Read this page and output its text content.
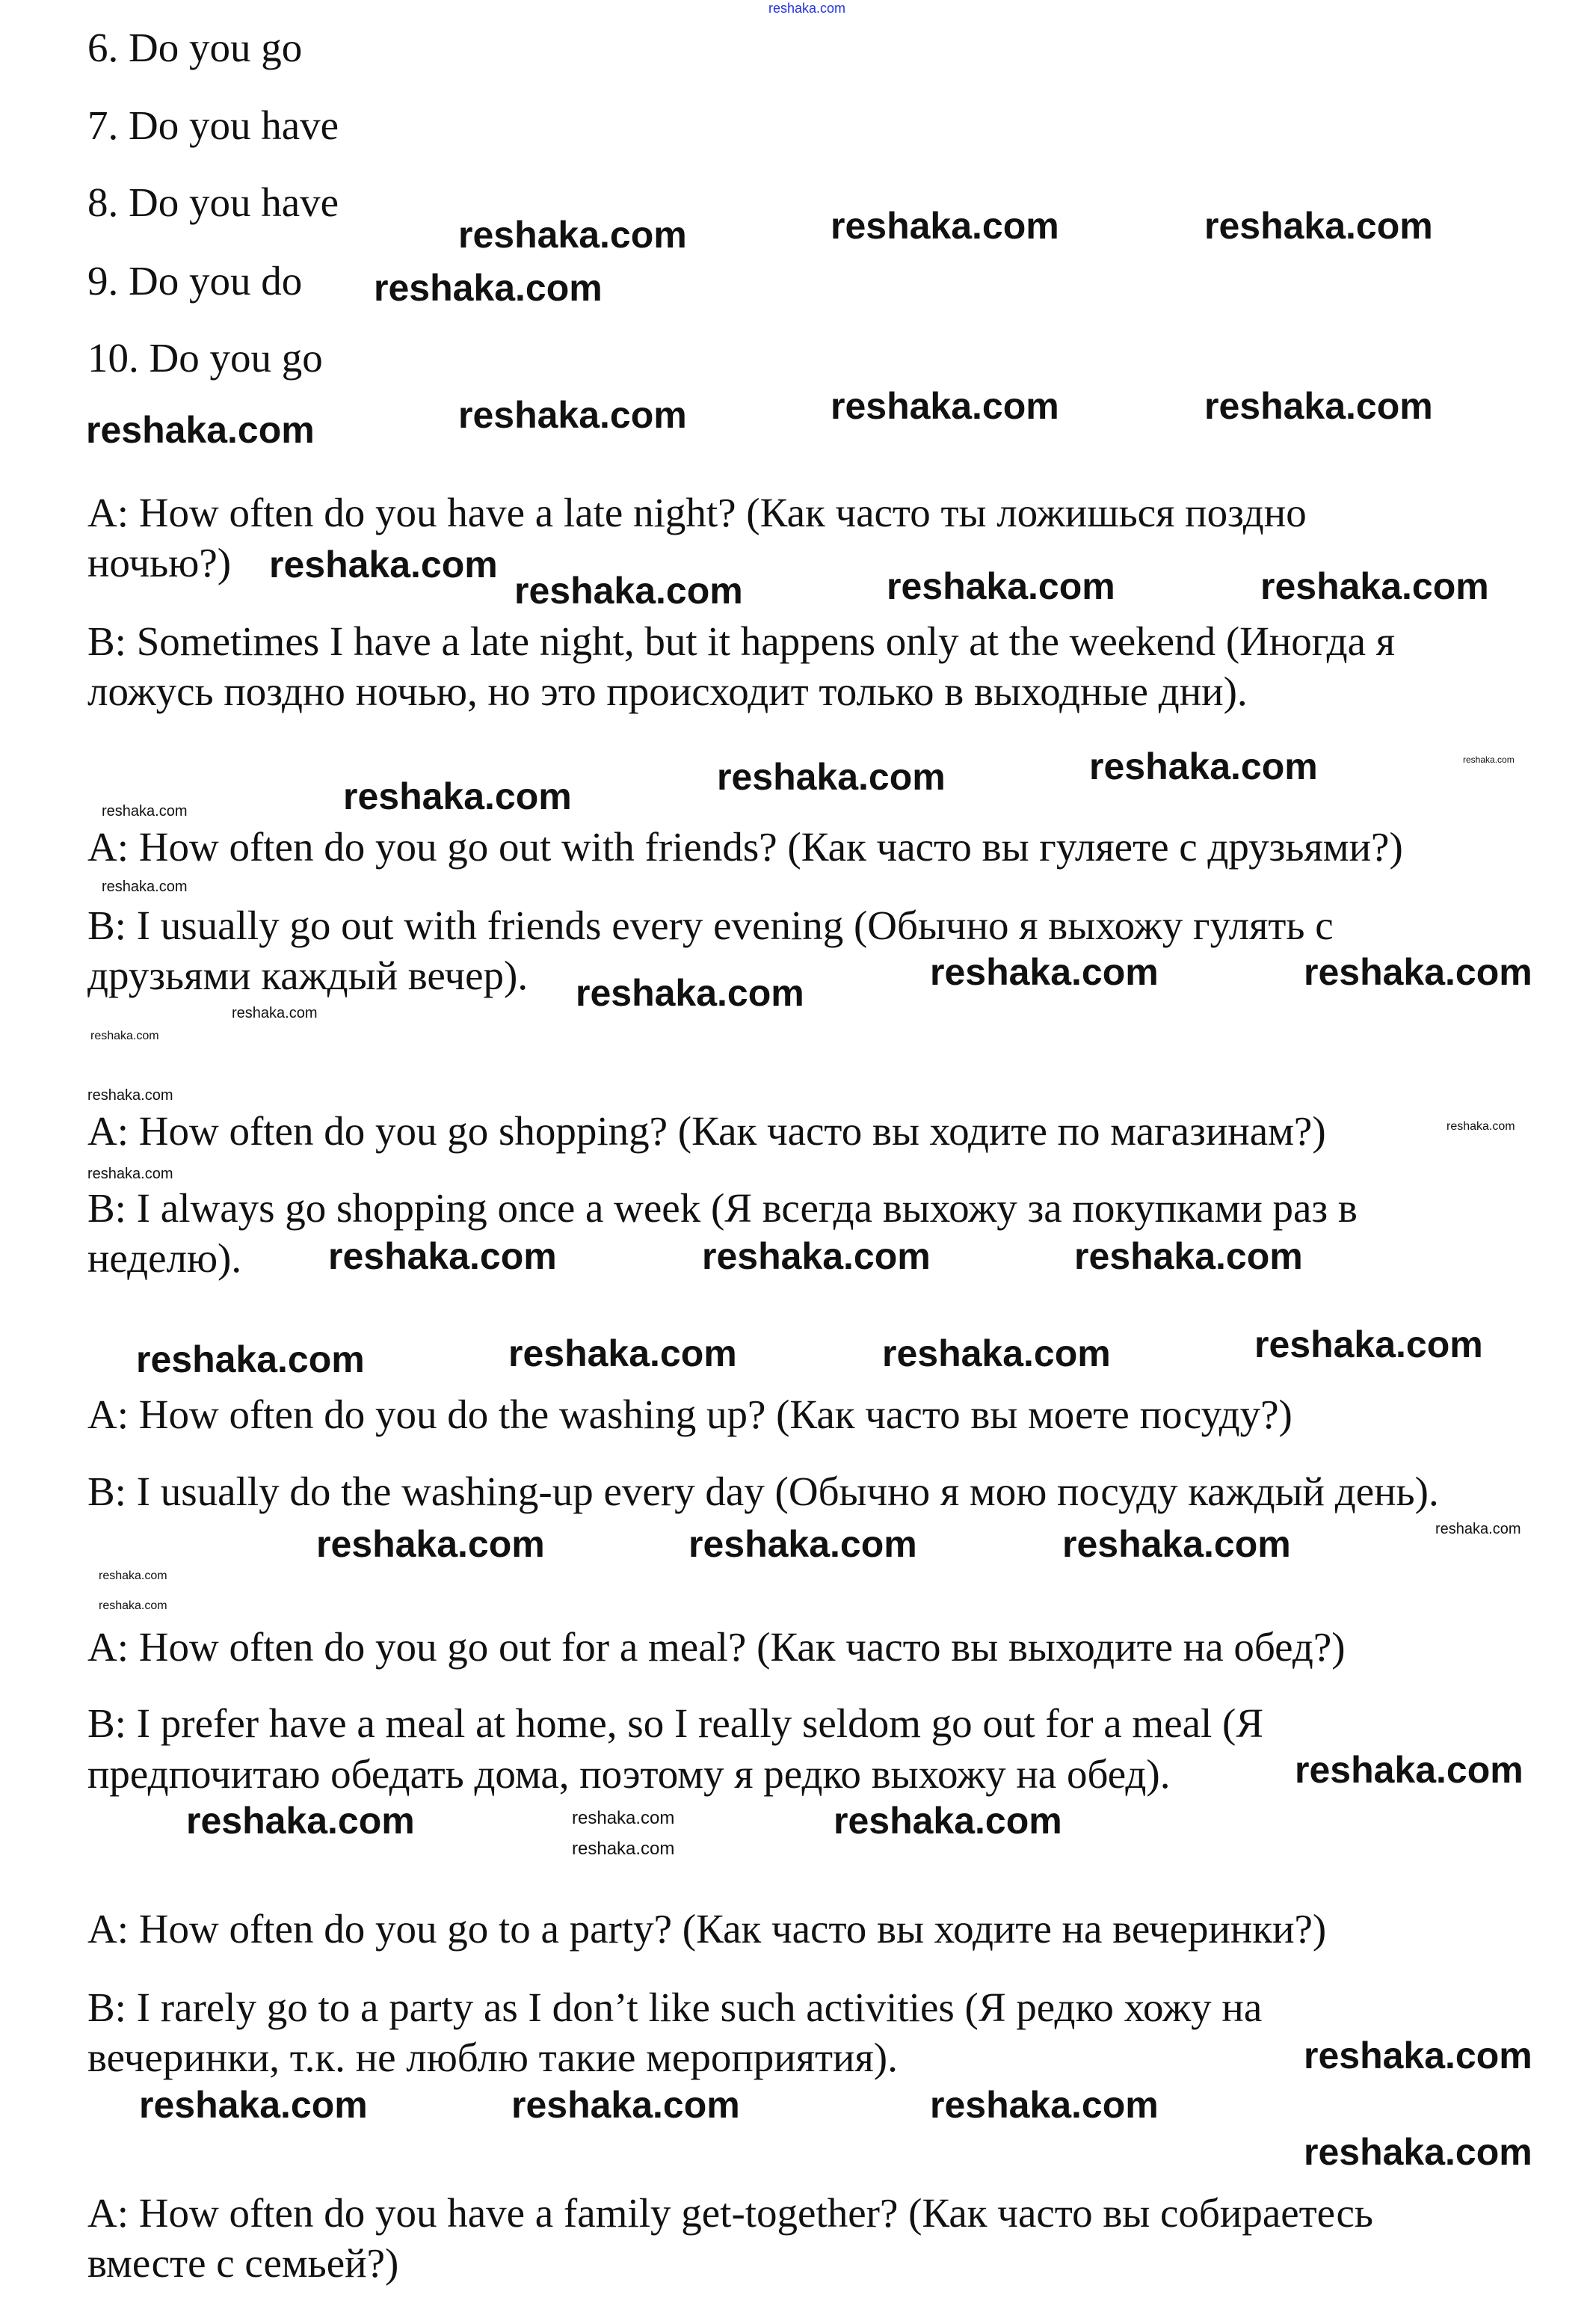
6. Do you go
7. Do you have
8. Do you have
9. Do you do
10. Do you go
A: How often do you have a late night? (Как часто ты ложишься поздно
ночью?)
B: Sometimes I have a late night, but it happens only at the weekend (Иногда я
ложусь поздно ночью, но это происходит только в выходные дни).
A: How often do you go out with friends? (Как часто вы гуляете с друзьями?)
B: I usually go out with friends every evening (Обычно я выхожу гулять с
друзьями каждый вечер).
A: How often do you go shopping? (Как часто вы ходите по магазинам?)
B: I always go shopping once a week (Я всегда выхожу за покупками раз в
неделю).
A: How often do you do the washing up? (Как часто вы моете посуду?)
B: I usually do the washing-up every day (Обычно я мою посуду каждый день).
A: How often do you go out for a meal? (Как часто вы выходите на обед?)
B: I prefer have a meal at home, so I really seldom go out for a meal (Я
предпочитаю обедать дома, поэтому я редко выхожу на обед).
A: How often do you go to a party? (Как часто вы ходите на вечеринки?)
B: I rarely go to a party as I don’t like such activities (Я редко хожу на
вечеринки, т.к. не люблю такие мероприятия).
A: How often do you have a family get-together? (Как часто вы собираетесь
вместе с семьей?)
reshaka.com
reshaka.com	reshaka.com	reshaka.com
reshaka.com	reshaka.com	reshaka.com	reshaka.com
reshaka.com
reshaka.com	reshaka.com	reshaka.com
reshaka.com	reshaka.com
reshaka.com
reshaka.com	reshaka.com
reshaka.com
reshaka.com	reshaka.com	reshaka.com
reshaka.com	reshaka.com	reshaka.com	reshaka.com
reshaka.com	reshaka.com	reshaka.com
reshaka.com	reshaka.com
reshaka.com
reshaka.com
reshaka.com	reshaka.com	reshaka.com
reshaka.com
reshaka.com
reshaka.com
reshaka.com
reshaka.com
reshaka.com
reshaka.com
reshaka.com
reshaka.com
reshaka.com
reshaka.com
reshaka.com
reshaka.com
reshaka.com
reshaka.com
